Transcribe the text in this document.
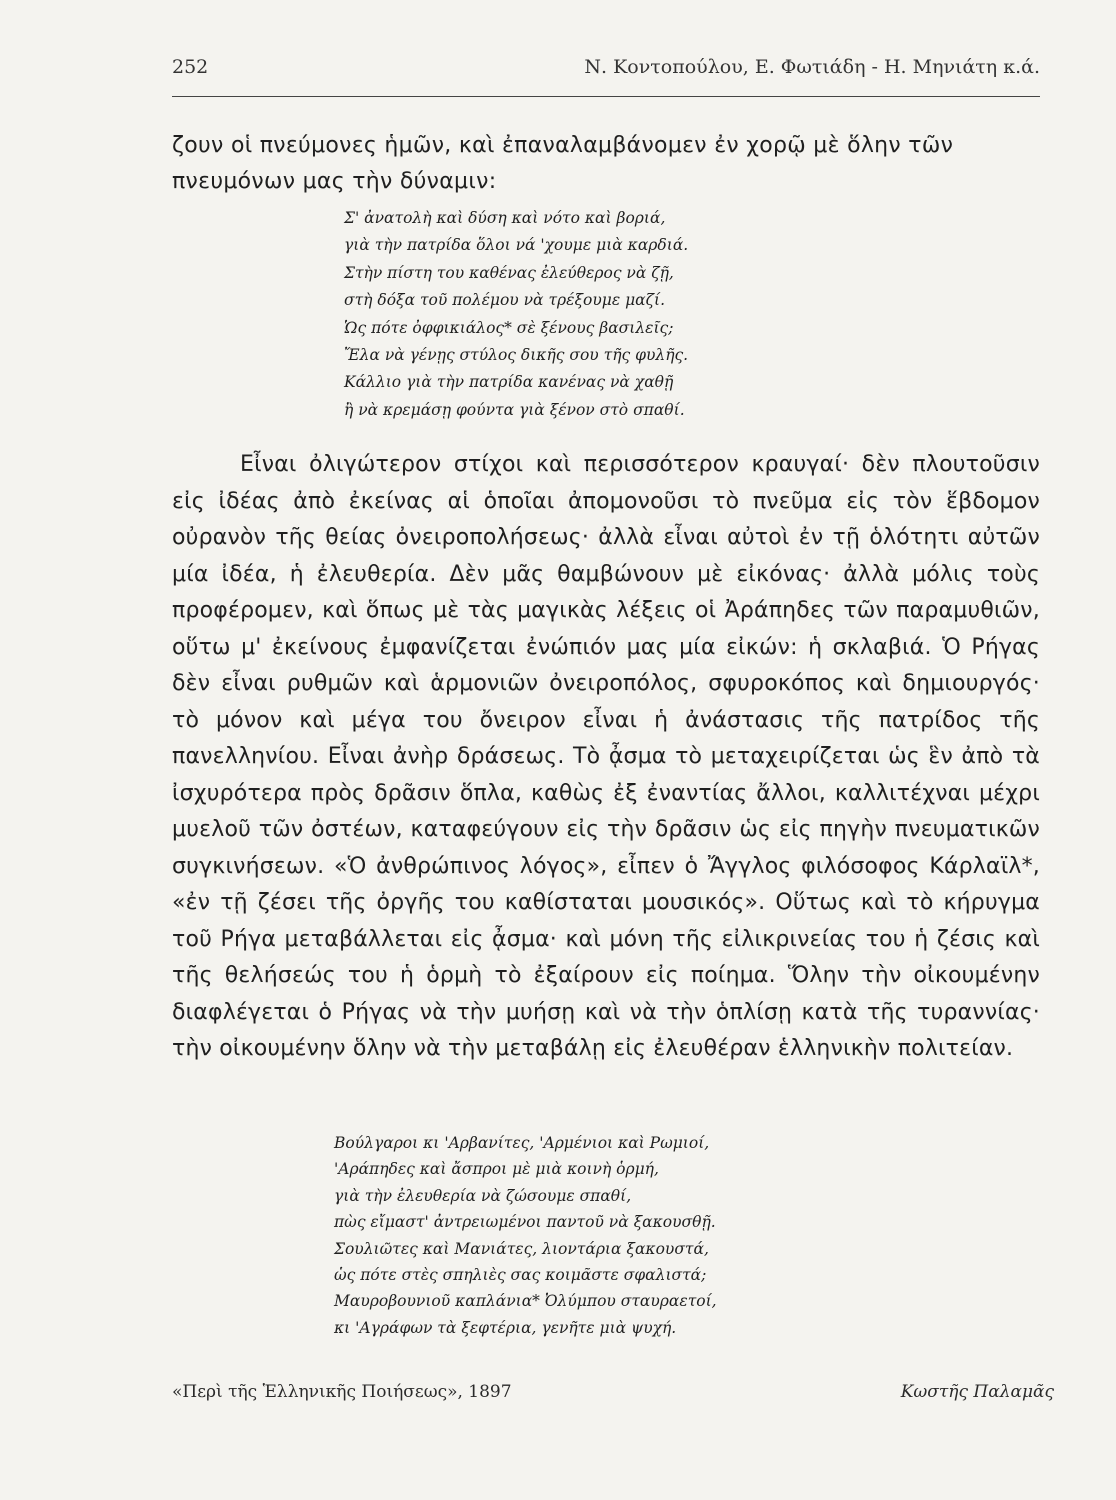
252	Ν. Κοντοπούλου, Ε. Φωτιάδη - Η. Μηνιάτη κ.ά.

ζουν οἱ πνεύμονες ἡμῶν, καὶ ἐπαναλαμβάνομεν ἐν χορῷ μὲ ὅλην τῶν πνευμόνων μας τὴν δύναμιν:

Σ' ἀνατολὴ καὶ δύση καὶ νότο καὶ βοριά,
γιὰ τὴν πατρίδα ὅλοι νά 'χουμε μιὰ καρδιά.
Στὴν πίστη του καθένας ἐλεύθερος νὰ ζῇ,
στὴ δόξα τοῦ πολέμου νὰ τρέξουμε μαζί.
Ὡς πότε ὀφφικιάλος* σὲ ξένους βασιλεῖς;
Ἔλα νὰ γένῃς στύλος δικῆς σου τῆς φυλῆς.
Κάλλιο γιὰ τὴν πατρίδα κανένας νὰ χαθῇ
ἢ νὰ κρεμάσῃ φούντα γιὰ ξένον στὸ σπαθί.

Εἶναι ὀλιγώτερον στίχοι καὶ περισσότερον κραυγαί· δὲν πλουτοῦσιν εἰς ἰδέας ἀπὸ ἐκείνας αἱ ὁποῖαι ἀπομονοῦσι τὸ πνεῦμα εἰς τὸν ἕβδομον οὐρανὸν τῆς θείας ὀνειροπολήσεως· ἀλλὰ εἶναι αὐτοὶ ἐν τῇ ὁλότητι αὐτῶν μία ἰδέα, ἡ ἐλευθερία. Δὲν μᾶς θαμβώνουν μὲ εἰκόνας· ἀλλὰ μόλις τοὺς προφέρομεν, καὶ ὅπως μὲ τὰς μαγικὰς λέξεις οἱ Ἀράπηδες τῶν παραμυθιῶν, οὕτω μ' ἐκείνους ἐμφανίζεται ἐνώπιόν μας μία εἰκών: ἡ σκλαβιά. Ὁ Ρήγας δὲν εἶναι ρυθμῶν καὶ ἁρμονιῶν ὀνειροπόλος, σφυροκόπος καὶ δημιουργός· τὸ μόνον καὶ μέγα του ὄνειρον εἶναι ἡ ἀνάστασις τῆς πατρίδος τῆς πανελληνίου. Εἶναι ἀνὴρ δράσεως. Τὸ ᾆσμα τὸ μεταχειρίζεται ὡς ἓν ἀπὸ τὰ ἰσχυρότερα πρὸς δρᾶσιν ὅπλα, καθὼς ἐξ ἐναντίας ἄλλοι, καλλιτέχναι μέχρι μυελοῦ τῶν ὀστέων, καταφεύγουν εἰς τὴν δρᾶσιν ὡς εἰς πηγὴν πνευματικῶν συγκινήσεων. «Ὁ ἀνθρώπινος λόγος», εἶπεν ὁ Ἄγγλος φιλόσοφος Κάρλαϊλ*, «ἐν τῇ ζέσει τῆς ὀργῆς του καθίσταται μουσικός». Οὕτως καὶ τὸ κήρυγμα τοῦ Ρήγα μεταβάλλεται εἰς ᾆσμα· καὶ μόνη τῆς εἰλικρινείας του ἡ ζέσις καὶ τῆς θελήσεώς του ἡ ὁρμὴ τὸ ἐξαίρουν εἰς ποίημα. Ὅλην τὴν οἰκουμένην διαφλέγεται ὁ Ρήγας νὰ τὴν μυήσῃ καὶ νὰ τὴν ὁπλίσῃ κατὰ τῆς τυραννίας· τὴν οἰκουμένην ὅλην νὰ τὴν μεταβάλῃ εἰς ἐλευθέραν ἑλληνικὴν πολιτείαν.

Βούλγαροι κι 'Αρβανίτες, 'Αρμένιοι καὶ Ρωμιοί,
'Αράπηδες καὶ ἄσπροι μὲ μιὰ κοινὴ ὁρμή,
γιὰ τὴν ἐλευθερία νὰ ζώσουμε σπαθί,
πὼς εἴμαστ' ἀντρειωμένοι παντοῦ νὰ ξακουσθῇ.
Σουλιῶτες καὶ Μανιάτες, λιοντάρια ξακουστά,
ὡς πότε στὲς σπηλιὲς σας κοιμᾶστε σφαλιστά;
Μαυροβουνιοῦ καπλάνια* Ὀλύμπου σταυραετοί,
κι 'Αγράφων τὰ ξεφτέρια, γενῆτε μιὰ ψυχή.
«Περὶ τῆς Ἑλληνικῆς Ποιήσεως», 1897	Κωστῆς Παλαμᾶς
